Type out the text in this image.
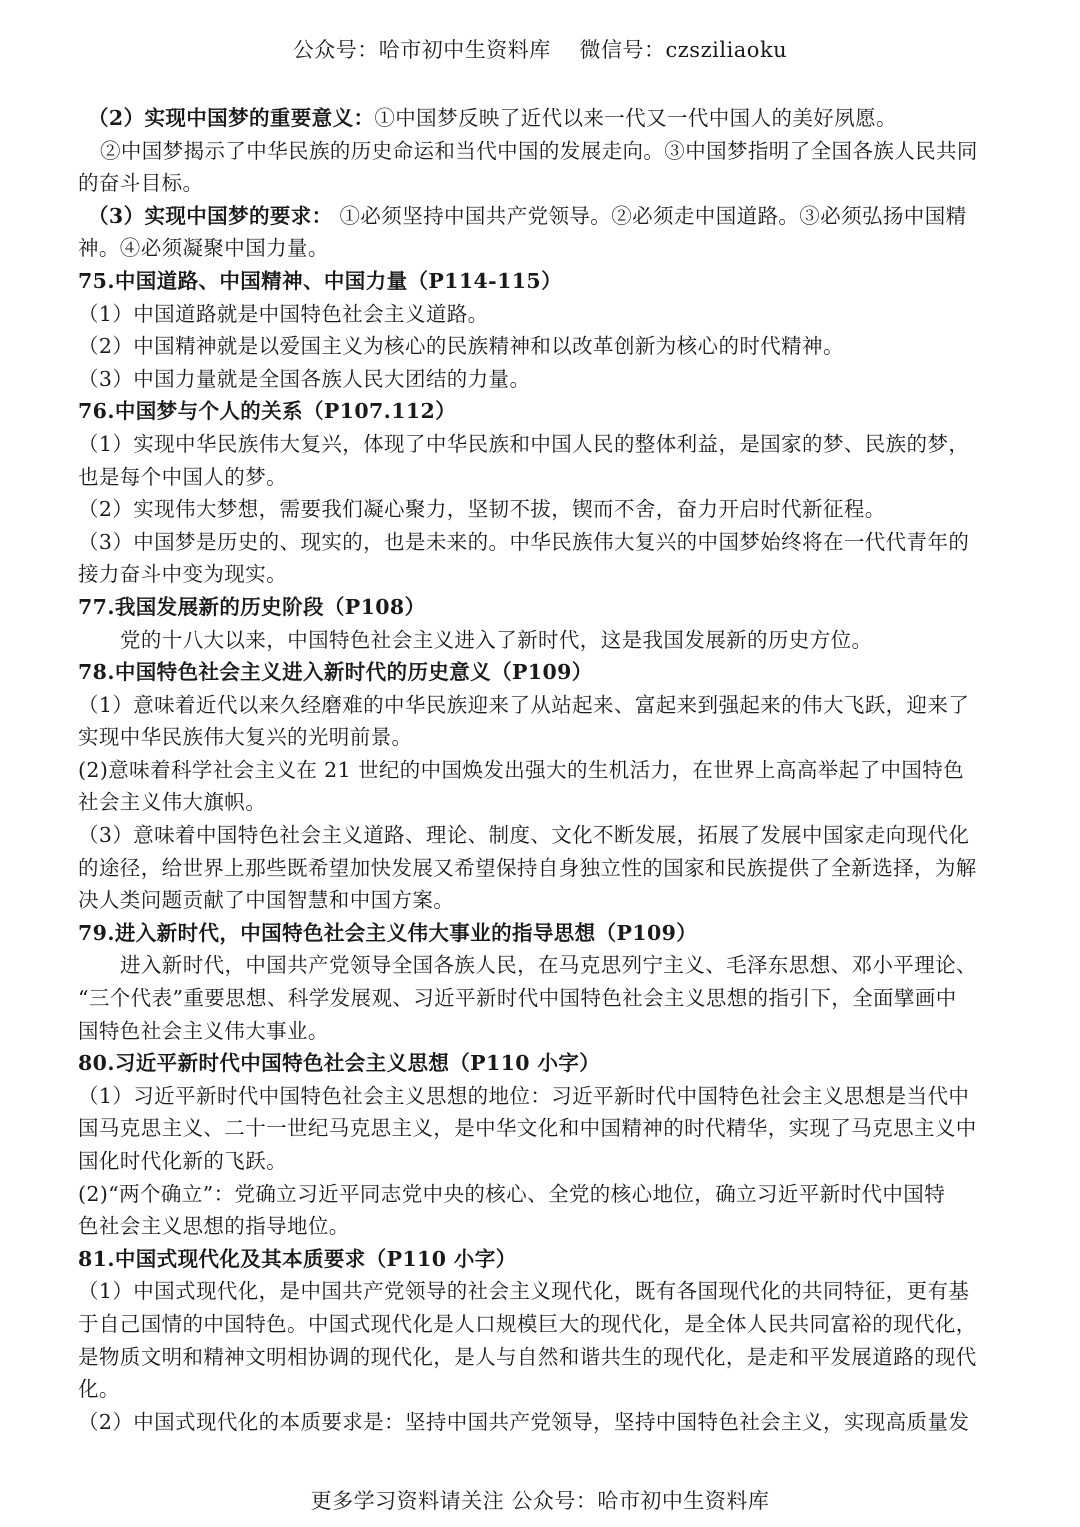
公众号：哈市初中生资料库　 微信号：czsziliaoku
（2）实现中国梦的重要意义：①中国梦反映了近代以来一代又一代中国人的美好夙愿。
②中国梦揭示了中华民族的历史命运和当代中国的发展走向。③中国梦指明了全国各族人民共同
的奋斗目标。
（3）实现中国梦的要求： ①必须坚持中国共产党领导。②必须走中国道路。③必须弘扬中国精
神。④必须凝聚中国力量。
75.中国道路、中国精神、中国力量（P114-115）
（1）中国道路就是中国特色社会主义道路。
（2）中国精神就是以爱国主义为核心的民族精神和以改革创新为核心的时代精神。
（3）中国力量就是全国各族人民大团结的力量。
76.中国梦与个人的关系（P107.112）
（1）实现中华民族伟大复兴，体现了中华民族和中国人民的整体利益，是国家的梦、民族的梦，
也是每个中国人的梦。
（2）实现伟大梦想，需要我们凝心聚力，坚韧不拔，锲而不舍，奋力开启时代新征程。
（3）中国梦是历史的、现实的，也是未来的。中华民族伟大复兴的中国梦始终将在一代代青年的
接力奋斗中变为现实。
77.我国发展新的历史阶段（P108）
党的十八大以来，中国特色社会主义进入了新时代，这是我国发展新的历史方位。
78.中国特色社会主义进入新时代的历史意义（P109）
（1）意味着近代以来久经磨难的中华民族迎来了从站起来、富起来到强起来的伟大飞跃，迎来了
实现中华民族伟大复兴的光明前景。
(2)意味着科学社会主义在 21 世纪的中国焕发出强大的生机活力，在世界上高高举起了中国特色
社会主义伟大旗帜。
（3）意味着中国特色社会主义道路、理论、制度、文化不断发展，拓展了发展中国家走向现代化
的途径，给世界上那些既希望加快发展又希望保持自身独立性的国家和民族提供了全新选择，为解
决人类问题贡献了中国智慧和中国方案。
79.进入新时代，中国特色社会主义伟大事业的指导思想（P109）
进入新时代，中国共产党领导全国各族人民，在马克思列宁主义、毛泽东思想、邓小平理论、
“三个代表”重要思想、科学发展观、习近平新时代中国特色社会主义思想的指引下，全面擘画中
国特色社会主义伟大事业。
80.习近平新时代中国特色社会主义思想（P110 小字）
（1）习近平新时代中国特色社会主义思想的地位：习近平新时代中国特色社会主义思想是当代中
国马克思主义、二十一世纪马克思主义，是中华文化和中国精神的时代精华，实现了马克思主义中
国化时代化新的飞跃。
(2)“两个确立”：党确立习近平同志党中央的核心、全党的核心地位，确立习近平新时代中国特
色社会主义思想的指导地位。
81.中国式现代化及其本质要求（P110 小字）
（1）中国式现代化，是中国共产党领导的社会主义现代化，既有各国现代化的共同特征，更有基
于自己国情的中国特色。中国式现代化是人口规模巨大的现代化，是全体人民共同富裕的现代化，
是物质文明和精神文明相协调的现代化，是人与自然和谐共生的现代化，是走和平发展道路的现代
化。
（2）中国式现代化的本质要求是：坚持中国共产党领导，坚持中国特色社会主义，实现高质量发
更多学习资料请关注 公众号：哈市初中生资料库
